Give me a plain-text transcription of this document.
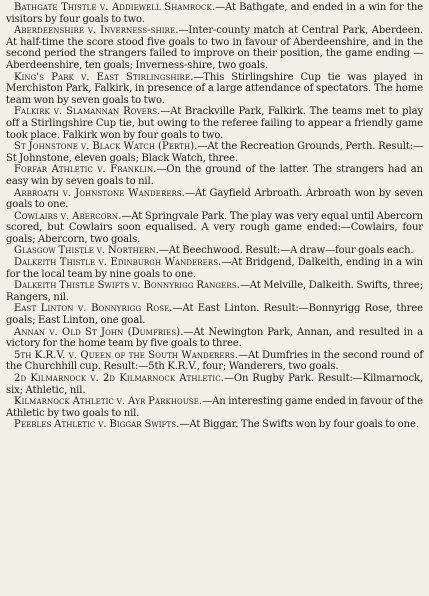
Bathgate Thistle v. Addiewell Shamrock.—At Bathgate, and ended in a win for the visitors by four goals to two.

Aberdeenshire v. Inverness-shire.—Inter-county match at Central Park, Aberdeen. At half-time the score stood five goals to two in favour of Aberdeenshire, and in the second period the strangers failed to improve on their position, the game ending —Aberdeenshire, ten goals; Inverness-shire, two goals.

King's Park v. East Stirlingshire.—This Stirlingshire Cup tie was played in Merchiston Park, Falkirk, in presence of a large attendance of spectators. The home team won by seven goals to two.

Falkirk v. Slamannan Rovers.—At Brackville Park, Falkirk. The teams met to play off a Stirlingshire Cup tie, but owing to the referee failing to appear a friendly game took place. Falkirk won by four goals to two.

St Johnstone v. Black Watch (Perth).—At the Recreation Grounds, Perth. Result:—St Johnstone, eleven goals; Black Watch, three.

Forfar Athletic v. Franklin.—On the ground of the latter. The strangers had an easy win by seven goals to nil.

Arbroath v. Johnstone Wanderers.—At Gayfield Arbroath. Arbroath won by seven goals to one.

Cowlairs v. Abercorn.—At Springvale Park. The play was very equal until Abercorn scored, but Cowlairs soon equalised. A very rough game ended:—Cowlairs, four goals; Abercorn, two goals.

Glasgow Thistle v. Northern.—At Beechwood. Result:—A draw—four goals each.

Dalkeith Thistle v. Edinburgh Wanderers.—At Bridgend, Dalkeith, ending in a win for the local team by nine goals to one.

Dalkeith Thistle Swifts v. Bonnyrigg Rangers.—At Melville, Dalkeith. Swifts, three; Rangers, nil.

East Linton v. Bonnyrigg Rose.—At East Linton. Result:—Bonnyrigg Rose, three goals; East Linton, one goal.

Annan v. Old St John (Dumfries).—At Newington Park, Annan, and resulted in a victory for the home team by five goals to three.

5th K.R.V. v. Queen of the South Wanderers.—At Dumfries in the second round of the Churchhill cup. Result:—5th K.R.V., four; Wanderers, two goals.

2d Kilmarnock v. 2d Kilmarnock Athletic.—On Rugby Park. Result:—Kilmarnock, six; Athletic, nil.

Kilmarnock Athletic v. Ayr Parkhouse.—An interesting game ended in favour of the Athletic by two goals to nil.

Peebles Athletic v. Biggar Swifts.—At Biggar. The Swifts won by four goals to one.
